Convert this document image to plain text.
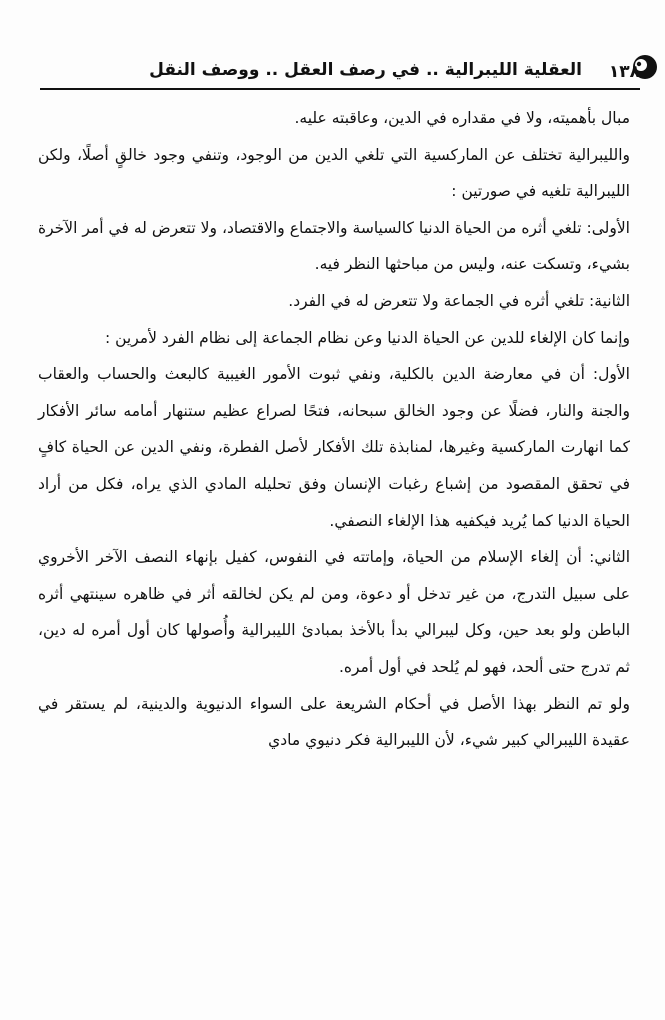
١٣٨
العقلية الليبرالية .. في رصف العقل .. ووصف النقل

مبال بأهميته، ولا في مقداره في الدين، وعاقبته عليه.

والليبرالية تختلف عن الماركسية التي تلغي الدين من الوجود، وتنفي وجود خالقٍ أصلًا، ولكن الليبرالية تلغيه في صورتين :

الأولى: تلغي أثره من الحياة الدنيا كالسياسة والاجتماع والاقتصاد، ولا تتعرض له في أمر الآخرة بشيء، وتسكت عنه، وليس من مباحثها النظر فيه.

الثانية: تلغي أثره في الجماعة ولا تتعرض له في الفرد.

وإنما كان الإلغاء للدين عن الحياة الدنيا وعن نظام الجماعة إلى نظام الفرد لأمرين :

الأول: أن في معارضة الدين بالكلية، ونفي ثبوت الأمور الغيبية كالبعث والحساب والعقاب والجنة والنار، فضلًا عن وجود الخالق سبحانه، فتحًا لصراع عظيم ستنهار أمامه سائر الأفكار كما انهارت الماركسية وغيرها، لمنابذة تلك الأفكار لأصل الفطرة، ونفي الدين عن الحياة كافٍ في تحقق المقصود من إشباع رغبات الإنسان وفق تحليله المادي الذي يراه، فكل من أراد الحياة الدنيا كما يُريد فيكفيه هذا الإلغاء النصفي.

الثاني: أن إلغاء الإسلام من الحياة، وإماتته في النفوس، كفيل بإنهاء النصف الآخر الأخروي على سبيل التدرج، من غير تدخل أو دعوة، ومن لم يكن لخالقه أثر في ظاهره سينتهي أثره الباطن ولو بعد حين، وكل ليبرالي بدأ بالأخذ بمبادئ الليبرالية وأُصولها كان أول أمره له دين، ثم تدرج حتى ألحد، فهو لم يُلحد في أول أمره.

ولو تم النظر بهذا الأصل في أحكام الشريعة على السواء الدنيوية والدينية، لم يستقر في عقيدة الليبرالي كبير شيء، لأن الليبرالية فكر دنيوي مادي
